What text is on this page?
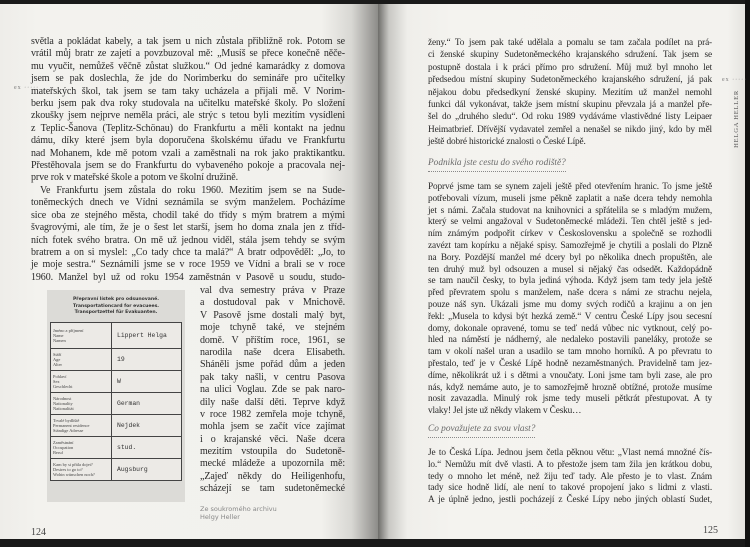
ex ·····
světla a pokládat kabely, a tak jsem u nich zůstala přibližně rok. Potom se
vrátil můj bratr ze zajetí a povzbuzoval mě: „Musíš se přece konečně něče-
mu vyučit, nemůžeš věčně zůstat služkou.“ Od jedné kamarádky z domova
jsem se pak doslechla, že jde do Norimberku do semináře pro učitelky
mateřských škol, tak jsem se tam taky ucházela a přijali mě. V Norim-
berku jsem pak dva roky studovala na učitelku mateřské školy. Po složení
zkoušky jsem nejprve neměla práci, ale strýc s tetou byli mezitím vysídleni
z Teplic-Šanova (Teplitz-Schönau) do Frankfurtu a měli kontakt na jednu
dámu, díky které jsem byla doporučena školskému úřadu ve Frankfurtu
nad Mohanem, kde mě potom vzali a zaměstnali na rok jako praktikantku.
Přestěhovala jsem se do Frankfurtu do vybaveného pokoje a pracovala nej-
prve rok v mateřské škole a potom ve školní družině.
Ve Frankfurtu jsem zůstala do roku 1960. Mezitím jsem se na Sude-
toněmeckých dnech ve Vídni seznámila se svým manželem. Pocházíme
sice oba ze stejného města, chodil také do třídy s mým bratrem a mými
švagrovými, ale tím, že je o šest let starší, jsem ho doma znala jen z tříd-
ních fotek svého bratra. On mě už jednou viděl, stála jsem tehdy se svým
bratrem a on si myslel: „Co tady chce ta malá?“ A bratr odpověděl: „Jo, to
je moje sestra.“ Seznámili jsme se v roce 1959 ve Vídni a brali se v roce
1960. Manžel byl už od roku 1954 zaměstnán v Pasově u soudu, studo-
val dva semestry práva v Praze
a dostudoval pak v Mnichově.
V Pasově jsme dostali malý byt,
moje tchyně také, ve stejném
domě. V příštím roce, 1961, se
narodila naše dcera Elisabeth.
Sháněli jsme pořád dům a jeden
pak taky našli, v centru Pasova
na ulici Voglau. Zde se pak naro-
dily naše další děti. Teprve když
v roce 1982 zemřela moje tchyně,
mohla jsem se začít více zajímat
i o krajanské věci. Naše dcera
mezitím vstoupila do Sudetoně-
mecké mládeže a upozornila mě:
„Zajeď někdy do Heiligenhofu,
scházejí se tam sudetoněmecké
Přepravní lístek pro odsunované.
Transportationcard for evacuees.
Transportzettel für Evakuanten.
Jméno a příjmení
Name
Namen	Lippert Helga

Stáří
Age
Alter	19

Pohlaví
Sex
Geschlecht	W

Národnost
Nationality
Nationalität	German

Trvalé bydliště
Permanent residence
Ständige Adresse	Nejdek

Zaměstnání
Occupation
Beruf	stud.

Kam by si přála dojet?
Desires to go to?
Wohin wünschen noch?	Augsburg
Ze soukromého archivu
Helgy Heller
124
ženy.“ To jsem pak také udělala a pomalu se tam začala podílet na prá-
ci ženské skupiny Sudetoněmeckého krajanského sdružení. Tak jsem se
postupně dostala i k práci přímo pro sdružení. Můj muž byl mnoho let
předsedou místní skupiny Sudetoněmeckého krajanského sdružení, já pak
nějakou dobu předsedkyní ženské skupiny. Mezitím už manžel nemohl
funkci dál vykonávat, takže jsem místní skupinu převzala já a manžel pře-
šel do „druhého sledu“. Od roku 1989 vydáváme vlastivědné listy Leipaer
Heimatbrief. Dřívější vydavatel zemřel a nenašel se nikdo jiný, kdo by měl
ještě dobré historické znalosti o České Lípě.
Podnikla jste cestu do svého rodiště?
Poprvé jsme tam se synem zajeli ještě před otevřením hranic. To jsme ještě
potřebovali vízum, museli jsme pěkně zaplatit a naše dcera tehdy nemohla
jet s námi. Začala studovat na knihovnici a spřátelila se s mladým mužem,
který se velmi angažoval v Sudetoněmecké mládeži. Ten chtěl ještě s jed-
ním známým podpořit církev v Československu a společně se rozhodli
zavézt tam kopírku a nějaké spisy. Samozřejmě je chytili a poslali do Plzně
na Bory. Pozdější manžel mé dcery byl po několika dnech propuštěn, ale
ten druhý muž byl odsouzen a musel si nějaký čas odsedět. Každopádně
se tam naučil česky, to byla jediná výhoda. Když jsem tam tedy jela ještě
před převratem spolu s manželem, naše dcera s námi ze strachu nejela,
pouze náš syn. Ukázali jsme mu domy svých rodičů a krajinu a on jen
řekl: „Musela to kdysi být hezká země.“ V centru České Lípy jsou secesní
domy, dokonale opravené, tomu se teď nedá vůbec nic vytknout, celý po-
hled na náměstí je nádherný, ale nedaleko postavili paneláky, protože se
tam v okolí našel uran a usadilo se tam mnoho horníků. A po převratu to
přestalo, teď je v České Lípě hodně nezaměstnaných. Pravidelně tam jez-
díme, několikrát už i s dětmi a vnoučaty. Loni jsme tam byli zase, ale pro
nás, když nemáme auto, je to samozřejmě hrozně obtížné, protože musíme
nosit zavazadla. Minulý rok jsme tedy museli pětkrát přestupovat. A ty
vlaky! Jel jste už někdy vlakem v Česku…
Co považujete za svou vlast?
Je to Česká Lípa. Jednou jsem četla pěknou větu: „Vlast nemá množné čís-
lo.“ Nemůžu mít dvě vlasti. A to přestože jsem tam žila jen krátkou dobu,
tedy o mnoho let méně, než žiju teď tady. Ale přesto je to vlast. Znám
tady sice hodně lidí, ale není to takové propojení jako s lidmi z vlasti.
A je úplně jedno, jestli pocházejí z České Lípy nebo jiných oblastí Sudet,
ex ·····
HELGA HELLER
125
